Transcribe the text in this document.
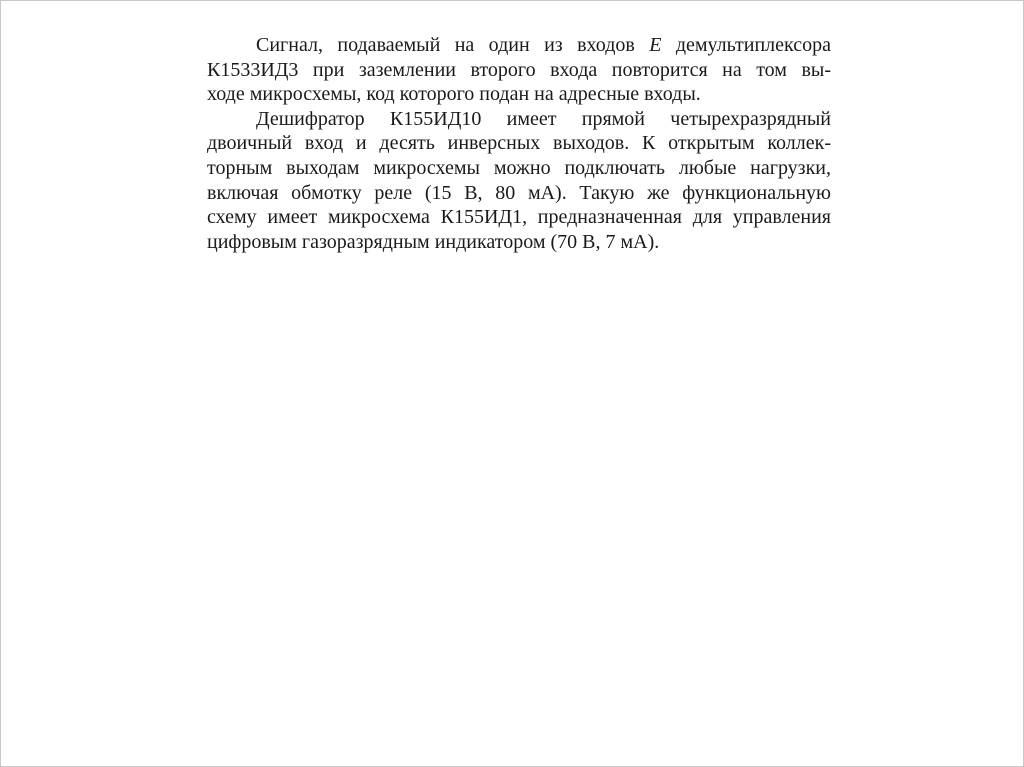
Сигнал, подаваемый на один из входов E демультиплексора
К1533ИД3 при заземлении второго входа повторится на том вы-
ходе микросхемы, код которого подан на адресные входы.
Дешифратор К155ИД10 имеет прямой четырехразрядный
двоичный вход и десять инверсных выходов. К открытым коллек-
торным выходам микросхемы можно подключать любые нагрузки,
включая обмотку реле (15 В, 80 мА). Такую же функциональную
схему имеет микросхема К155ИД1, предназначенная для управления
цифровым газоразрядным индикатором (70 В, 7 мА).
